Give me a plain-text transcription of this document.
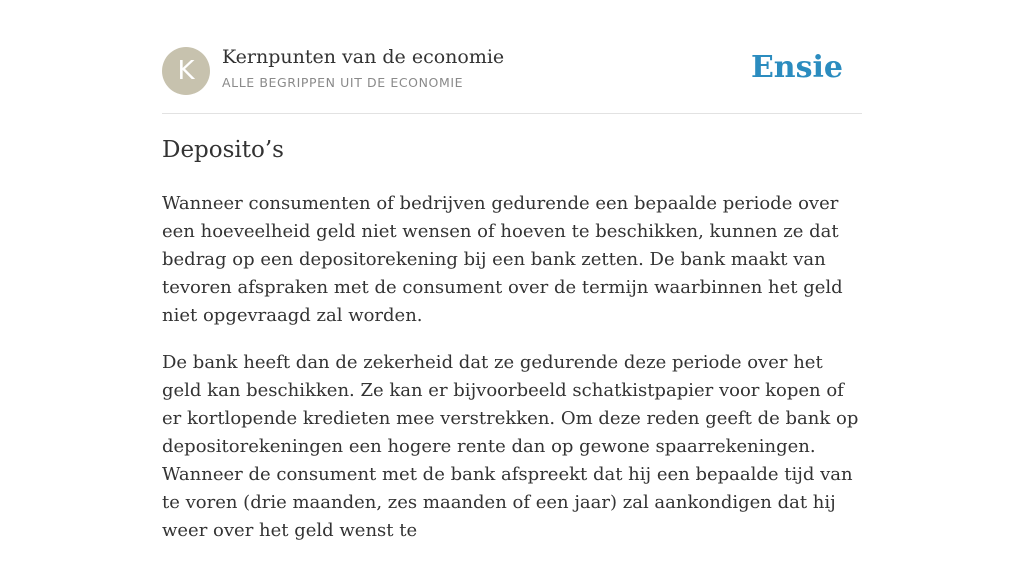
K	Kernpunten van de economie
ALLE BEGRIPPEN UIT DE ECONOMIE	Ensie
Deposito’s

Wanneer consumenten of bedrijven gedurende een bepaalde periode over een hoeveelheid geld niet wensen of hoeven te beschikken, kunnen ze dat bedrag op een depositorekening bij een bank zetten. De bank maakt van tevoren afspraken met de consument over de termijn waarbinnen het geld niet opgevraagd zal worden.

De bank heeft dan de zekerheid dat ze gedurende deze periode over het geld kan beschikken. Ze kan er bijvoorbeeld schatkistpapier voor kopen of er kortlopende kredieten mee verstrekken. Om deze reden geeft de bank op depositorekeningen een hogere rente dan op gewone spaarrekeningen. Wanneer de consument met de bank afspreekt dat hij een bepaalde tijd van te voren (drie maanden, zes maanden of een jaar) zal aankondigen dat hij weer over het geld wenst te
